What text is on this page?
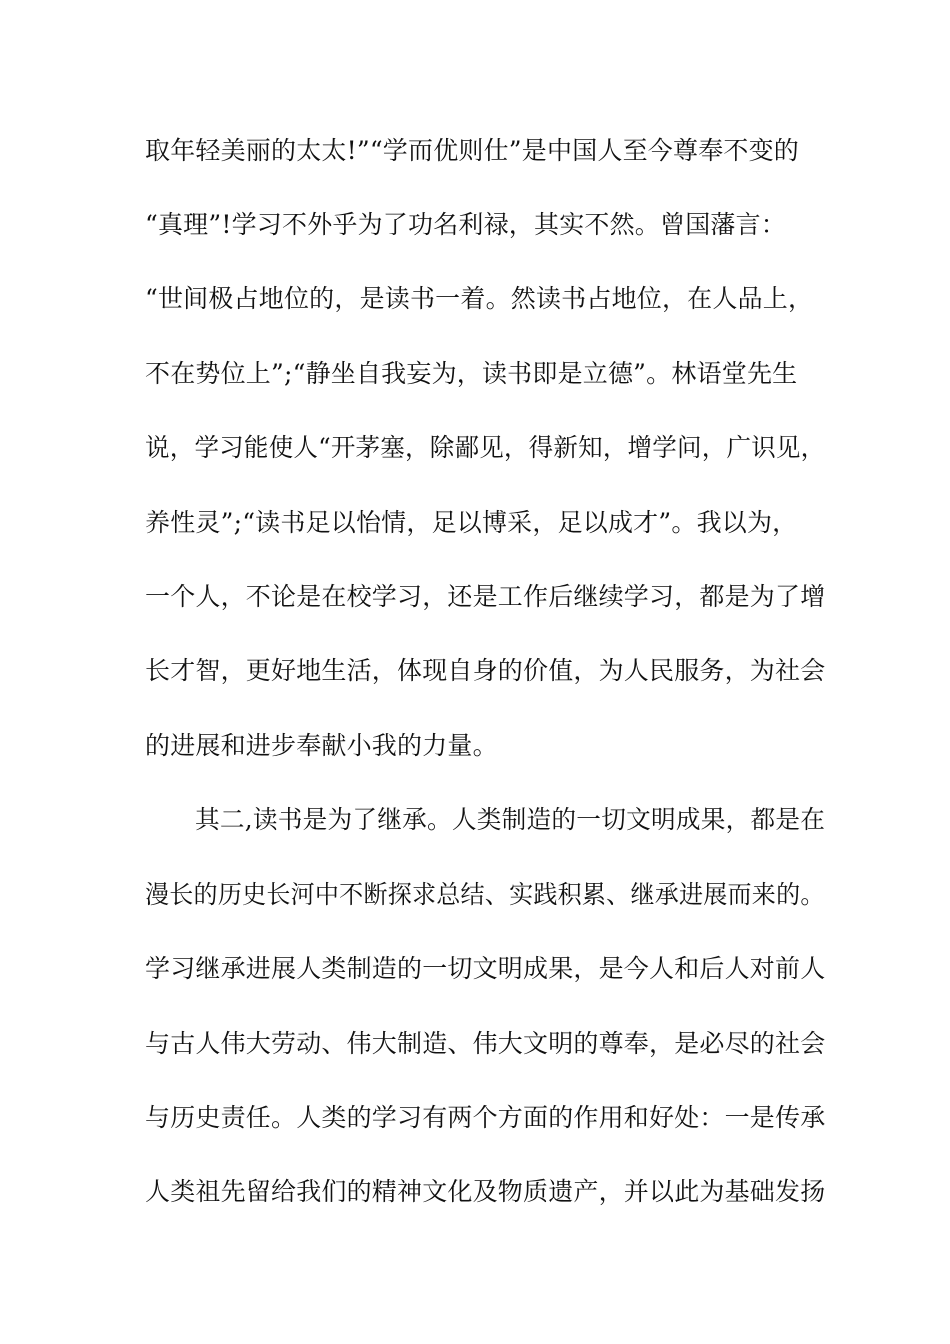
取年轻美丽的太太!”“学而优则仕”是中国人至今尊奉不变的
“真理”!学习不外乎为了功名利禄，其实不然。曾国藩言：
“世间极占地位的，是读书一着。然读书占地位，在人品上，
不在势位上”;“静坐自我妄为，读书即是立德”。林语堂先生
说，学习能使人“开茅塞，除鄙见，得新知，增学问，广识见，
养性灵”;“读书足以怡情，足以博采，足以成才”。我以为，
一个人，不论是在校学习，还是工作后继续学习，都是为了增
长才智，更好地生活，体现自身的价值，为人民服务，为社会
的进展和进步奉献小我的力量。
其二,读书是为了继承。人类制造的一切文明成果，都是在
漫长的历史长河中不断探求总结、实践积累、继承进展而来的。
学习继承进展人类制造的一切文明成果，是今人和后人对前人
与古人伟大劳动、伟大制造、伟大文明的尊奉，是必尽的社会
与历史责任。人类的学习有两个方面的作用和好处：一是传承
人类祖先留给我们的精神文化及物质遗产，并以此为基础发扬
